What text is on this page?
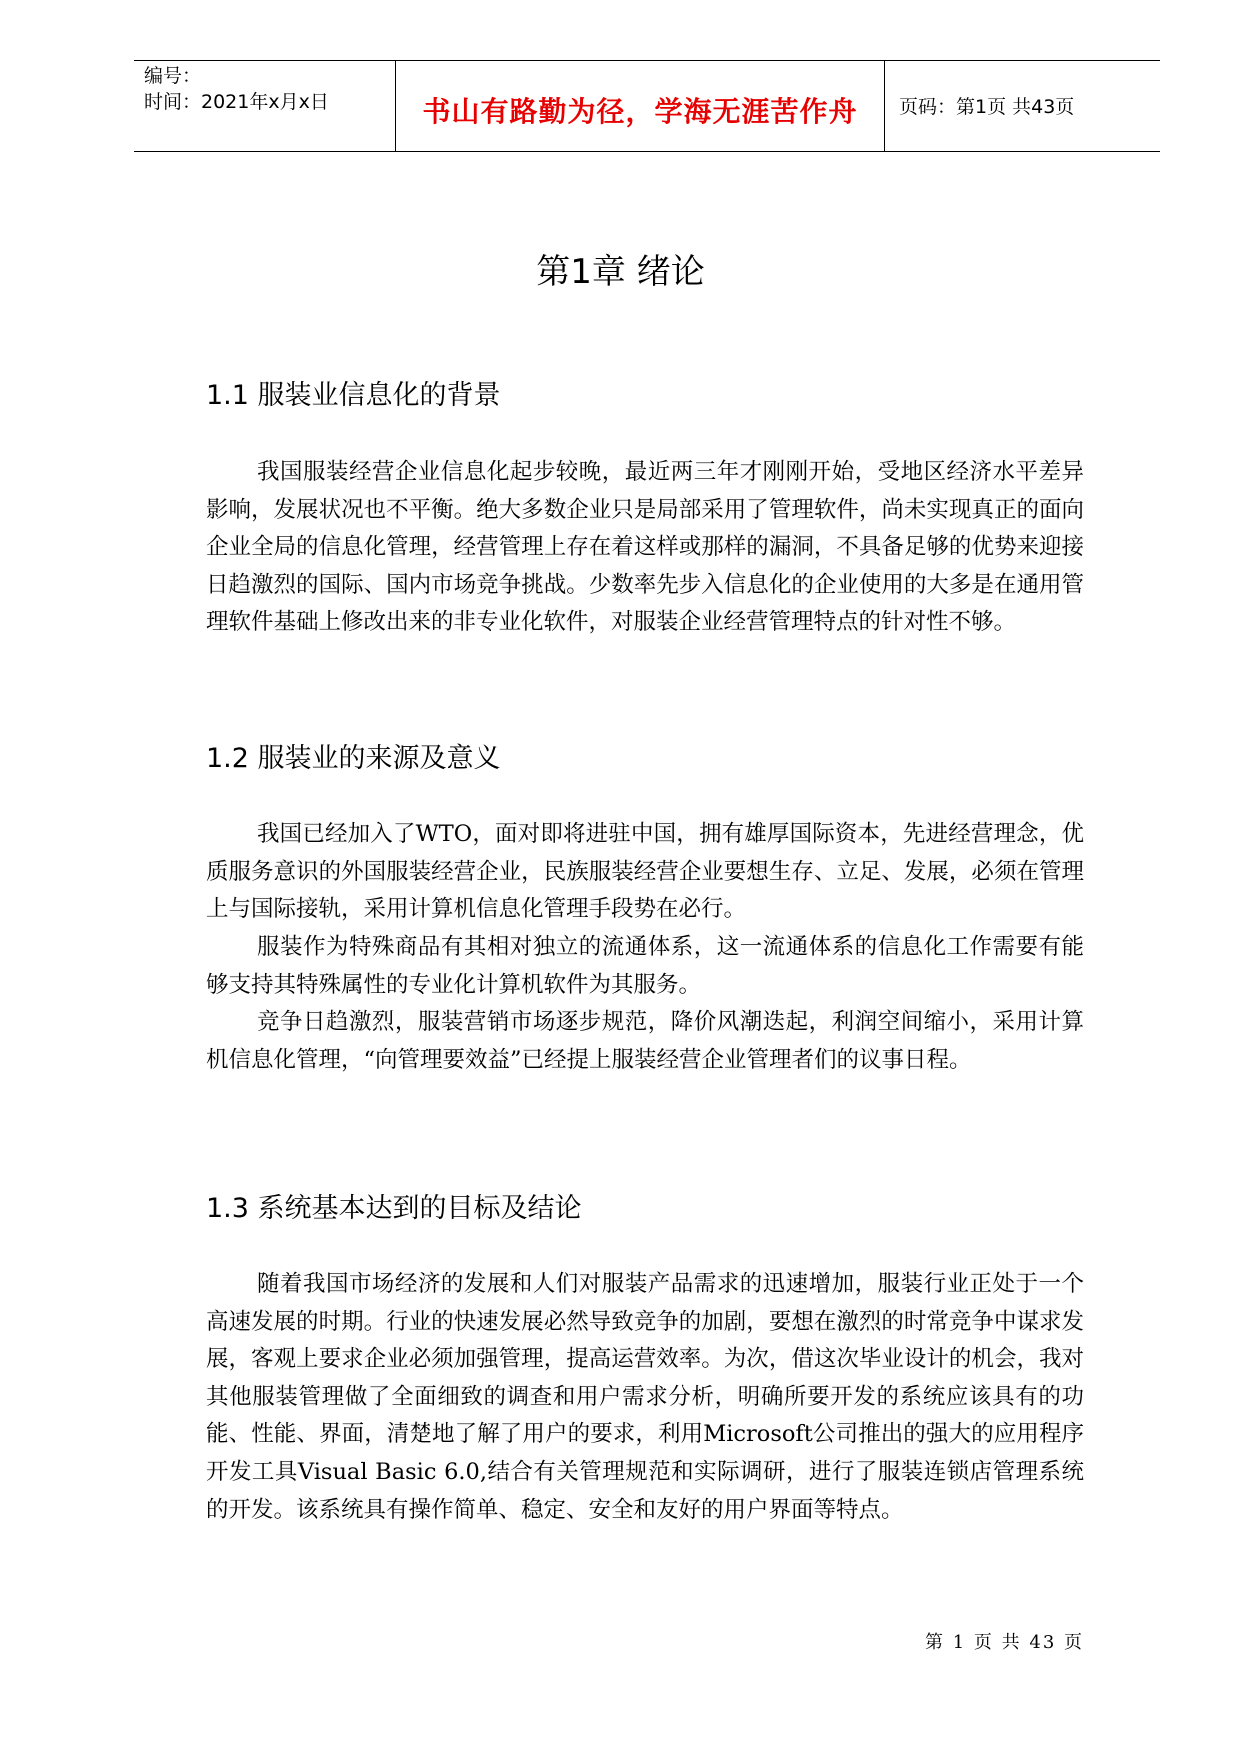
编号：
时间：2021年x月x日	书山有路勤为径，学海无涯苦作舟	页码：第1页 共43页
第1章 绪论
1.1 服装业信息化的背景

我国服装经营企业信息化起步较晚，最近两三年才刚刚开始，受地区经济水平差异影响，发展状况也不平衡。绝大多数企业只是局部采用了管理软件，尚未实现真正的面向企业全局的信息化管理，经营管理上存在着这样或那样的漏洞，不具备足够的优势来迎接日趋激烈的国际、国内市场竞争挑战。少数率先步入信息化的企业使用的大多是在通用管理软件基础上修改出来的非专业化软件，对服装企业经营管理特点的针对性不够。

1.2 服装业的来源及意义

我国已经加入了WTO，面对即将进驻中国，拥有雄厚国际资本，先进经营理念，优质服务意识的外国服装经营企业，民族服装经营企业要想生存、立足、发展，必须在管理上与国际接轨，采用计算机信息化管理手段势在必行。

服装作为特殊商品有其相对独立的流通体系，这一流通体系的信息化工作需要有能够支持其特殊属性的专业化计算机软件为其服务。

竞争日趋激烈，服装营销市场逐步规范，降价风潮迭起，利润空间缩小，采用计算机信息化管理，“向管理要效益”已经提上服装经营企业管理者们的议事日程。

1.3 系统基本达到的目标及结论

随着我国市场经济的发展和人们对服装产品需求的迅速增加，服装行业正处于一个高速发展的时期。行业的快速发展必然导致竞争的加剧，要想在激烈的时常竞争中谋求发展，客观上要求企业必须加强管理，提高运营效率。为次，借这次毕业设计的机会，我对其他服装管理做了全面细致的调查和用户需求分析，明确所要开发的系统应该具有的功能、性能、界面，清楚地了解了用户的要求，利用Microsoft公司推出的强大的应用程序开发工具Visual Basic 6.0,结合有关管理规范和实际调研，进行了服装连锁店管理系统的开发。该系统具有操作简单、稳定、安全和友好的用户界面等特点。

第 1 页 共 43 页
